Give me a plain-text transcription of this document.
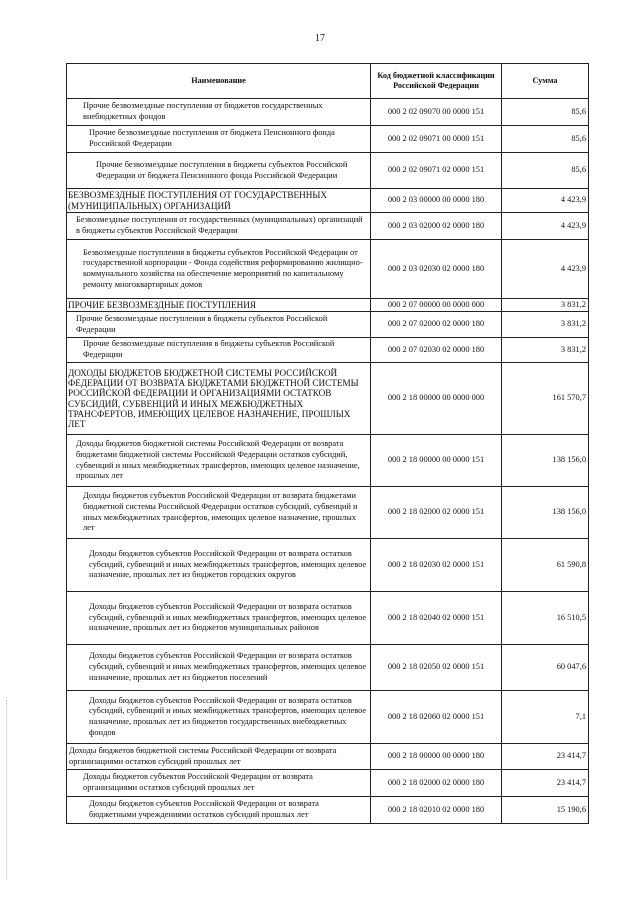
17
Наименование	Код бюджетной классификации Российской Федерации	Сумма
Прочие безвозмездные поступления от бюджетов государственных внебюджетных фондов	000 2 02 09070 00 0000 151	85,6
Прочие безвозмездные поступления от бюджета Пенсионного фонда Российской Федерации	000 2 02 09071 00 0000 151	85,6
Прочие безвозмездные поступления в бюджеты субъектов Российской Федерации от бюджета Пенсионного фонда Российской Федерации	000 2 02 09071 02 0000 151	85,6
БЕЗВОЗМЕЗДНЫЕ ПОСТУПЛЕНИЯ ОТ ГОСУДАРСТВЕННЫХ (МУНИЦИПАЛЬНЫХ) ОРГАНИЗАЦИЙ	000 2 03 00000 00 0000 180	4 423,9
Безвозмездные поступления от государственных (муниципальных) организаций в бюджеты субъектов Российской Федерации	000 2 03 02000 02 0000 180	4 423,9
Безвозмездные поступления в бюджеты субъектов Российской Федерации от государственной корпорации - Фонда содействия реформированию жилищно-коммунального хозяйства на обеспечение мероприятий по капитальному ремонту многоквартирных домов	000 2 03 02030 02 0000 180	4 423,9
ПРОЧИЕ БЕЗВОЗМЕЗДНЫЕ ПОСТУПЛЕНИЯ	000 2 07 00000 00 0000 000	3 831,2
Прочие безвозмездные поступления в бюджеты субъектов Российской Федерации	000 2 07 02000 02 0000 180	3 831,2
Прочие безвозмездные поступления в бюджеты субъектов Российской Федерации	000 2 07 02030 02 0000 180	3 831,2
ДОХОДЫ БЮДЖЕТОВ БЮДЖЕТНОЙ СИСТЕМЫ РОССИЙСКОЙ ФЕДЕРАЦИИ ОТ ВОЗВРАТА БЮДЖЕТАМИ БЮДЖЕТНОЙ СИСТЕМЫ РОССИЙСКОЙ ФЕДЕРАЦИИ И ОРГАНИЗАЦИЯМИ ОСТАТКОВ СУБСИДИЙ, СУБВЕНЦИЙ И ИНЫХ МЕЖБЮДЖЕТНЫХ ТРАНСФЕРТОВ, ИМЕЮЩИХ ЦЕЛЕВОЕ НАЗНАЧЕНИЕ, ПРОШЛЫХ ЛЕТ	000 2 18 00000 00 0000 000	161 570,7
Доходы бюджетов бюджетной системы Российской Федерации от возврата бюджетами бюджетной системы Российской Федерации остатков субсидий, субвенций и иных межбюджетных трансфертов, имеющих целевое назначение, прошлых лет	000 2 18 00000 00 0000 151	138 156,0
Доходы бюджетов субъектов Российской Федерации от возврата бюджетами бюджетной системы Российской Федерации остатков субсидий, субвенций и иных межбюджетных трансфертов, имеющих целевое назначение, прошлых лет	000 2 18 02000 02 0000 151	138 156,0
Доходы бюджетов субъектов Российской Федерации от возврата остатков субсидий, субвенций и иных межбюджетных трансфертов, имеющих целевое назначение, прошлых лет из бюджетов городских округов	000 2 18 02030 02 0000 151	61 590,8
Доходы бюджетов субъектов Российской Федерации от возврата остатков субсидий, субвенций и иных межбюджетных трансфертов, имеющих целевое назначение, прошлых лет из бюджетов муниципальных районов	000 2 18 02040 02 0000 151	16 510,5
Доходы бюджетов субъектов Российской Федерации от возврата остатков субсидий, субвенций и иных межбюджетных трансфертов, имеющих целевое назначение, прошлых лет из бюджетов поселений	000 2 18 02050 02 0000 151	60 047,6
Доходы бюджетов субъектов Российской Федерации от возврата остатков субсидий, субвенций и иных межбюджетных трансфертов, имеющих целевое назначение, прошлых лет из бюджетов государственных внебюджетных фондов	000 2 18 02060 02 0000 151	7,1
Доходы бюджетов бюджетной системы Российской Федерации от возврата организациями остатков субсидий прошлых лет	000 2 18 00000 00 0000 180	23 414,7
Доходы бюджетов субъектов Российской Федерации от возврата организациями остатков субсидий прошлых лет	000 2 18 02000 02 0000 180	23 414,7
Доходы бюджетов субъектов Российской Федерации от возврата бюджетными учреждениями остатков субсидий прошлых лет	000 2 18 02010 02 0000 180	15 190,6
